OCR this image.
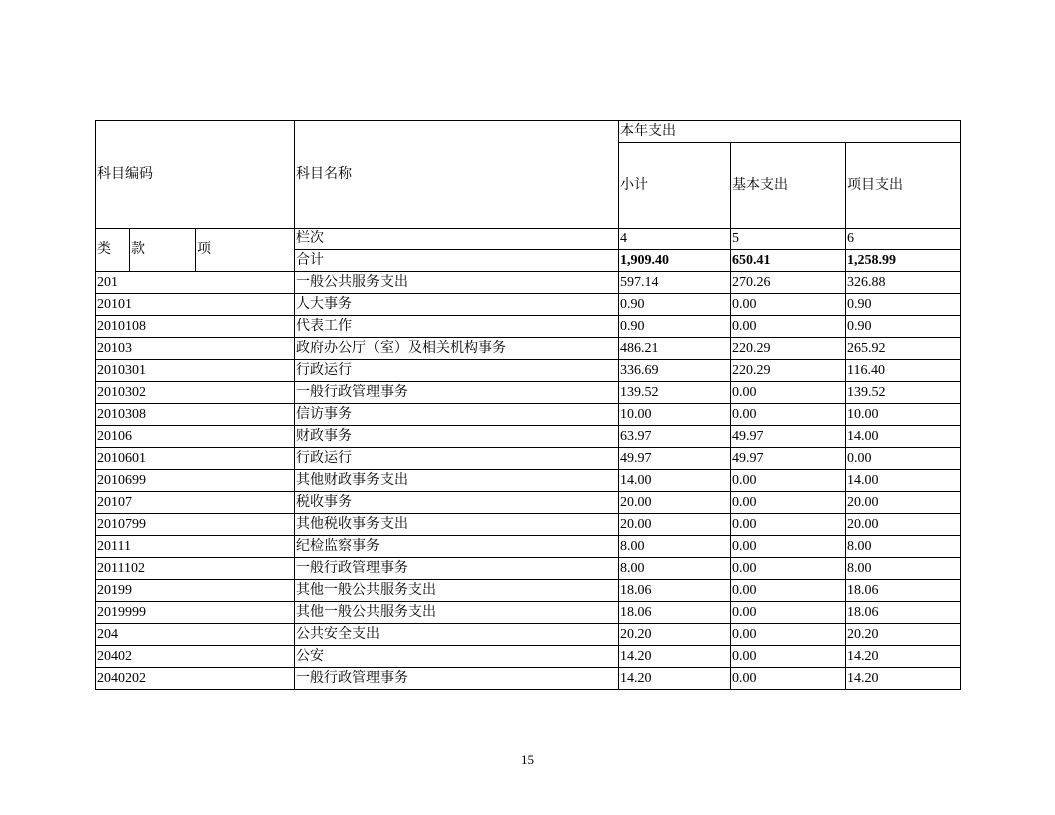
科目编码			科目名称	本年支出		
				小计	基本支出	项目支出
类	款	项	栏次	4	5	6
			合计	1,909.40	650.41	1,258.99
201			一般公共服务支出	597.14	270.26	326.88
20101			人大事务	0.90	0.00	0.90
2010108			代表工作	0.90	0.00	0.90
20103			政府办公厅（室）及相关机构事务	486.21	220.29	265.92
2010301			行政运行	336.69	220.29	116.40
2010302			一般行政管理事务	139.52	0.00	139.52
2010308			信访事务	10.00	0.00	10.00
20106			财政事务	63.97	49.97	14.00
2010601			行政运行	49.97	49.97	0.00
2010699			其他财政事务支出	14.00	0.00	14.00
20107			税收事务	20.00	0.00	20.00
2010799			其他税收事务支出	20.00	0.00	20.00
20111			纪检监察事务	8.00	0.00	8.00
2011102			一般行政管理事务	8.00	0.00	8.00
20199			其他一般公共服务支出	18.06	0.00	18.06
2019999			其他一般公共服务支出	18.06	0.00	18.06
204			公共安全支出	20.20	0.00	20.20
20402			公安	14.20	0.00	14.20
2040202			一般行政管理事务	14.20	0.00	14.20
15
